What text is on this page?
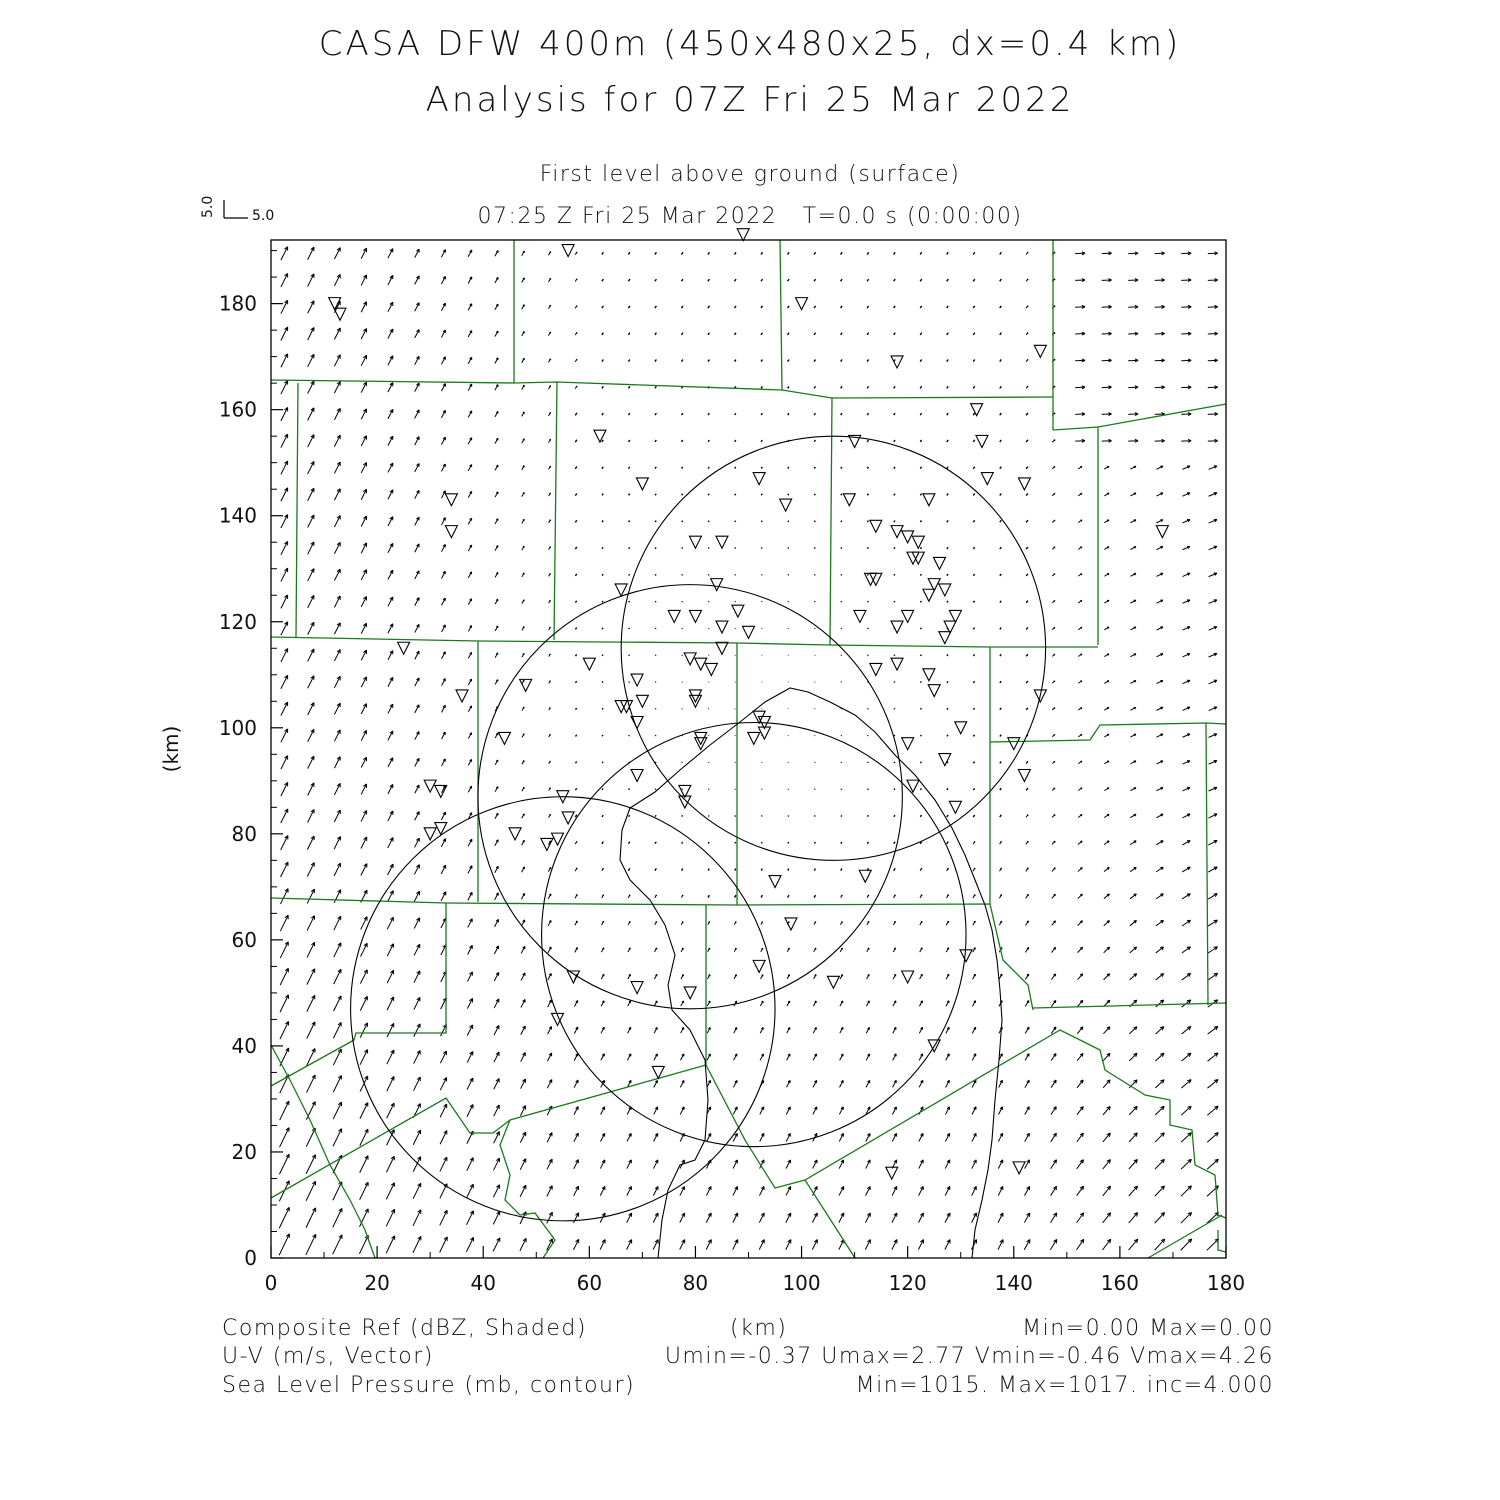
CASA DFW 400m (450x480x25, dx=0.4 km)
Analysis for 07Z Fri 25 Mar 2022
First level above ground (surface)
07:25 Z Fri 25 Mar 2022   T=0.0 s (0:00:00)
5.0	5.0
0	20	40	60	80	100	120	140	160	180
0
20
40
60
80
100
120
140
160
180
(km)
Composite Ref (dBZ, Shaded)	(km)	Min=0.00 Max=0.00
U-V (m/s, Vector)	Umin=-0.37 Umax=2.77 Vmin=-0.46 Vmax=4.26
Sea Level Pressure (mb, contour)	Min=1015. Max=1017. inc=4.000
